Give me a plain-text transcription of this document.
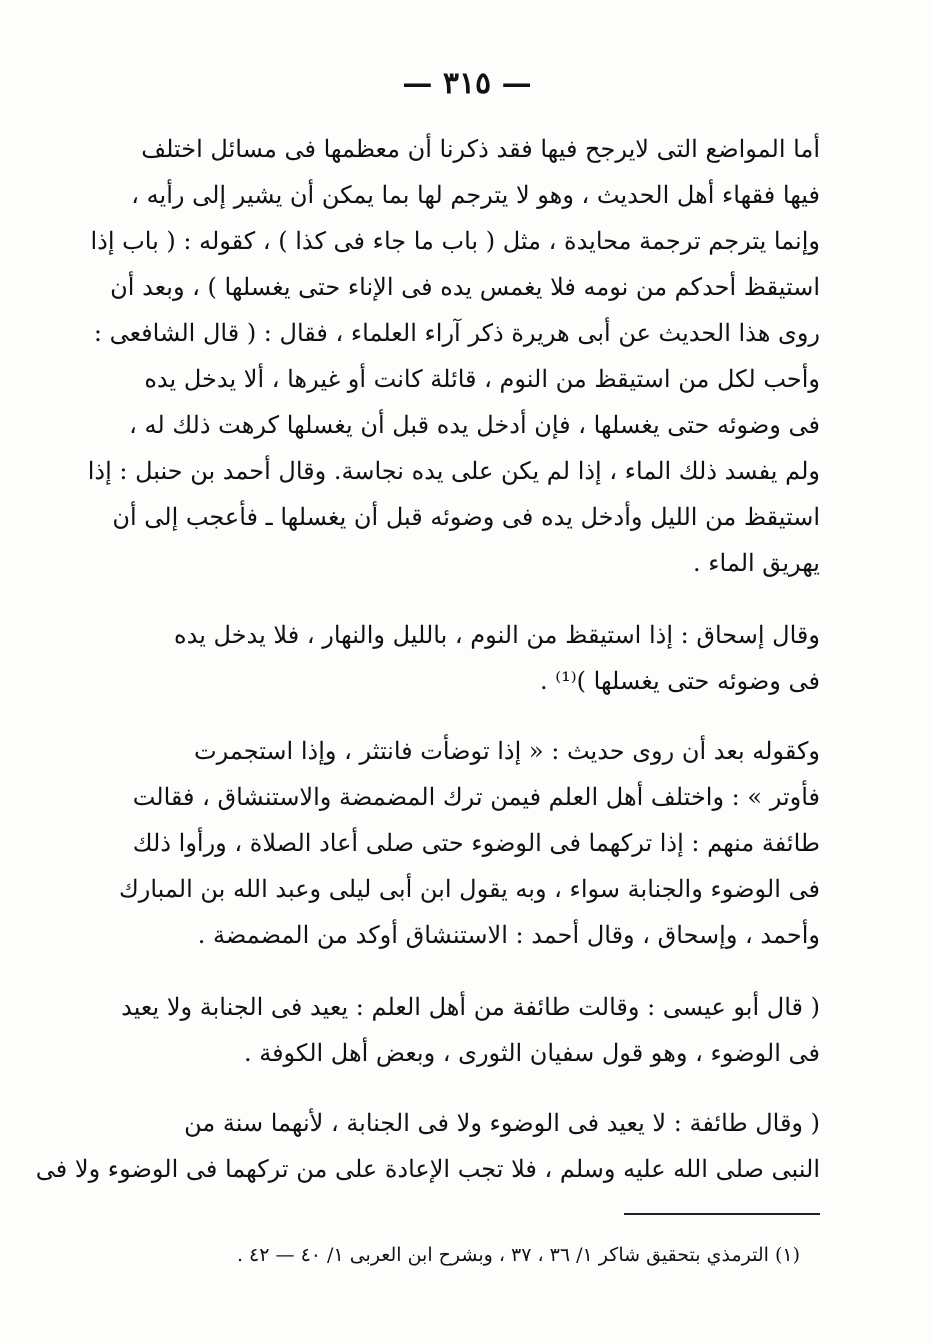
— ٣١٥ —
أما المواضع التى لايرجح فيها فقد ذكرنا أن معظمها فى مسائل اختلف
فيها فقهاء أهل الحديث ، وهو لا يترجم لها بما يمكن أن يشير إلى رأيه ،
وإنما يترجم ترجمة محايدة ، مثل ( باب ما جاء فى كذا ) ، كقوله : ( باب إذا
استيقظ أحدكم من نومه فلا يغمس يده فى الإناء حتى يغسلها ) ، وبعد أن
روى هذا الحديث عن أبى هريرة ذكر آراء العلماء ، فقال : ( قال الشافعى :
وأحب لكل من استيقظ من النوم ، قائلة كانت أو غيرها ، ألا يدخل يده
فى وضوئه حتى يغسلها ، فإن أدخل يده قبل أن يغسلها كرهت ذلك له ،
ولم يفسد ذلك الماء ، إذا لم يكن على يده نجاسة. وقال أحمد بن حنبل : إذا
استيقظ من الليل وأدخل يده فى وضوئه قبل أن يغسلها ـ فأعجب إلى أن
يهريق الماء .
وقال إسحاق : إذا استيقظ من النوم ، بالليل والنهار ، فلا يدخل يده
فى وضوئه حتى يغسلها )⁽¹⁾ .
وكقوله بعد أن روى حديث : « إذا توضأت فانتثر ، وإذا استجمرت
فأوتر » : واختلف أهل العلم فيمن ترك المضمضة والاستنشاق ، فقالت
طائفة منهم : إذا تركهما فى الوضوء حتى صلى أعاد الصلاة ، ورأوا ذلك
فى الوضوء والجنابة سواء ، وبه يقول ابن أبى ليلى وعبد الله بن المبارك
وأحمد ، وإسحاق ، وقال أحمد : الاستنشاق أوكد من المضمضة .
( قال أبو عيسى : وقالت طائفة من أهل العلم : يعيد فى الجنابة ولا يعيد
فى الوضوء ، وهو قول سفيان الثورى ، وبعض أهل الكوفة .
( وقال طائفة : لا يعيد فى الوضوء ولا فى الجنابة ، لأنهما سنة من
النبى صلى الله عليه وسلم ، فلا تجب الإعادة على من تركهما فى الوضوء ولا فى
(١) الترمذي بتحقيق شاكر ١/ ٣٦ ، ٣٧ ، وبشرح ابن العربى ١/ ٤٠ — ٤٢ .
